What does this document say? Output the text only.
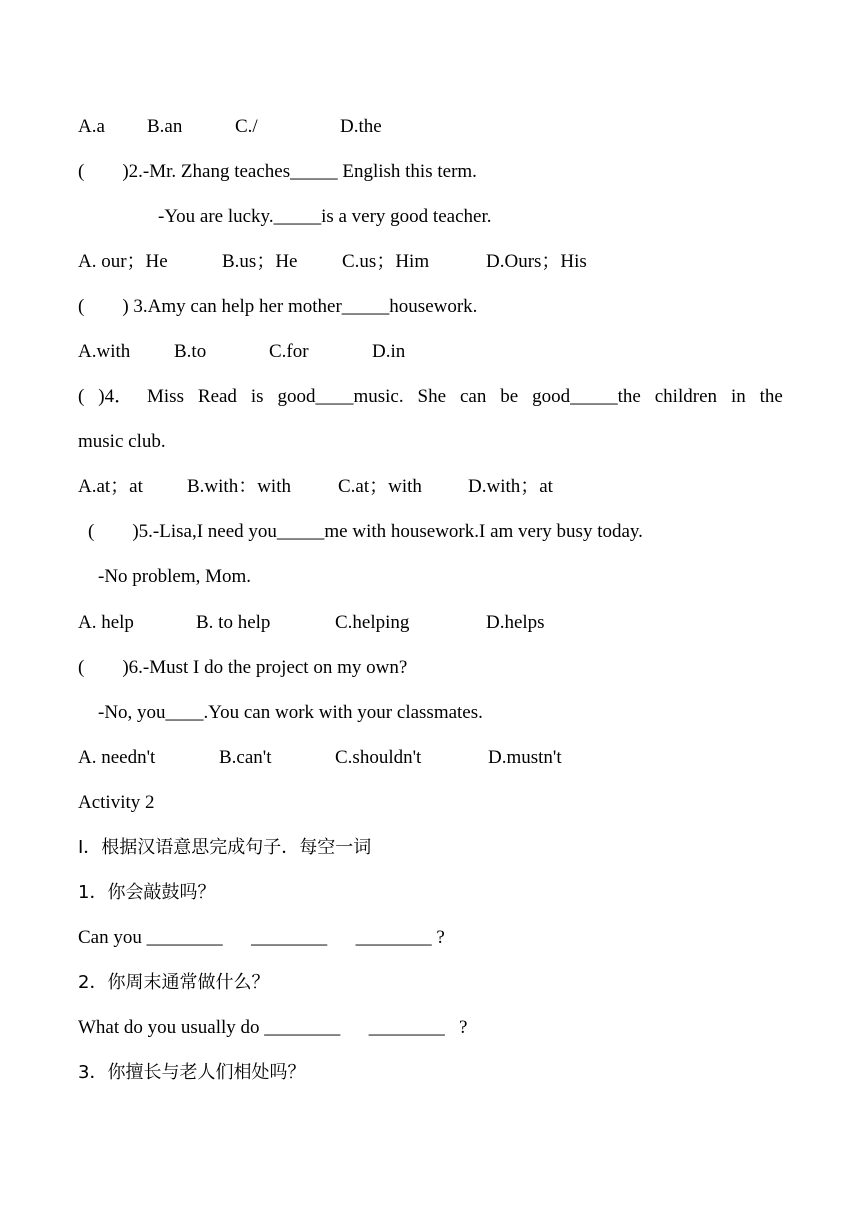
A.a

B.an

	C./

	D.the

(        )2.-Mr. Zhang teaches_____ English this term.
-You are lucky._____is a very good teacher.

A. our；He

	B.us；He

C.us；Him

	D.Ours；His

(        ) 3.Amy can help her mother_____housework.

A.with

B.to

	C.for

	D.in

( )4． Miss Read is good____music. She can be good_____the children in the
music club.

A.at；at

B.with：with

C.at；with

D.with；at

(        )5.-Lisa,I need you_____me with housework.I am very busy today.
-No problem, Mom.

A. help

	B. to help

	C.helping

	D.helps

(        )6.-Must I do the project on my own?
-No, you____.You can work with your classmates.

A. needn't

	B.can't

	C.shouldn't

	D.mustn't

Activity 2
Ⅰ．根据汉语意思完成句子．每空一词
1．你会敲鼓吗？
Can you ________      ________      ________ ?
2．你周末通常做什么？
What do you usually do ________      ________   ?
3．你擅长与老人们相处吗？
